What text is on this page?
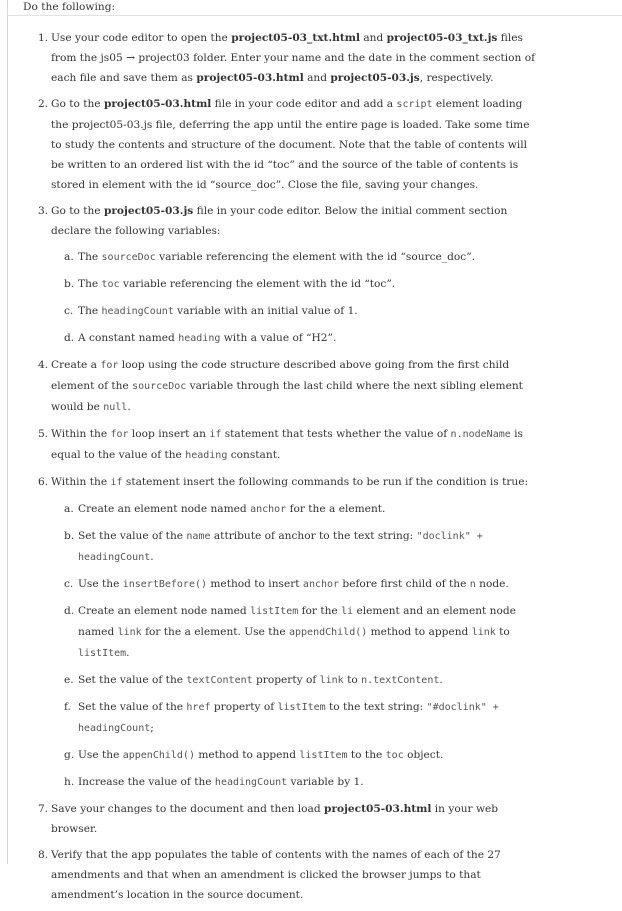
Do the following:
1. Use your code editor to open the project05-03_txt.html and project05-03_txt.js files from the js05 → project03 folder. Enter your name and the date in the comment section of each file and save them as project05-03.html and project05-03.js, respectively.
2. Go to the project05-03.html file in your code editor and add a script element loading the project05-03.js file, deferring the app until the entire page is loaded. Take some time to study the contents and structure of the document. Note that the table of contents will be written to an ordered list with the id “toc” and the source of the table of contents is stored in element with the id “source_doc”. Close the file, saving your changes.
3. Go to the project05-03.js file in your code editor. Below the initial comment section declare the following variables:
a. The sourceDoc variable referencing the element with the id “source_doc”.
b. The toc variable referencing the element with the id “toc”.
c. The headingCount variable with an initial value of 1.
d. A constant named heading with a value of “H2”.
4. Create a for loop using the code structure described above going from the first child element of the sourceDoc variable through the last child where the next sibling element would be null.
5. Within the for loop insert an if statement that tests whether the value of n.nodeName is equal to the value of the heading constant.
6. Within the if statement insert the following commands to be run if the condition is true:
a. Create an element node named anchor for the a element.
b. Set the value of the name attribute of anchor to the text string: "doclink" + headingCount.
c. Use the insertBefore() method to insert anchor before first child of the n node.
d. Create an element node named listItem for the li element and an element node named link for the a element. Use the appendChild() method to append link to listItem.
e. Set the value of the textContent property of link to n.textContent.
f. Set the value of the href property of listItem to the text string: "#doclink" + headingCount;
g. Use the appenChild() method to append listItem to the toc object.
h. Increase the value of the headingCount variable by 1.
7. Save your changes to the document and then load project05-03.html in your web browser.
8. Verify that the app populates the table of contents with the names of each of the 27 amendments and that when an amendment is clicked the browser jumps to that amendment’s location in the source document.
